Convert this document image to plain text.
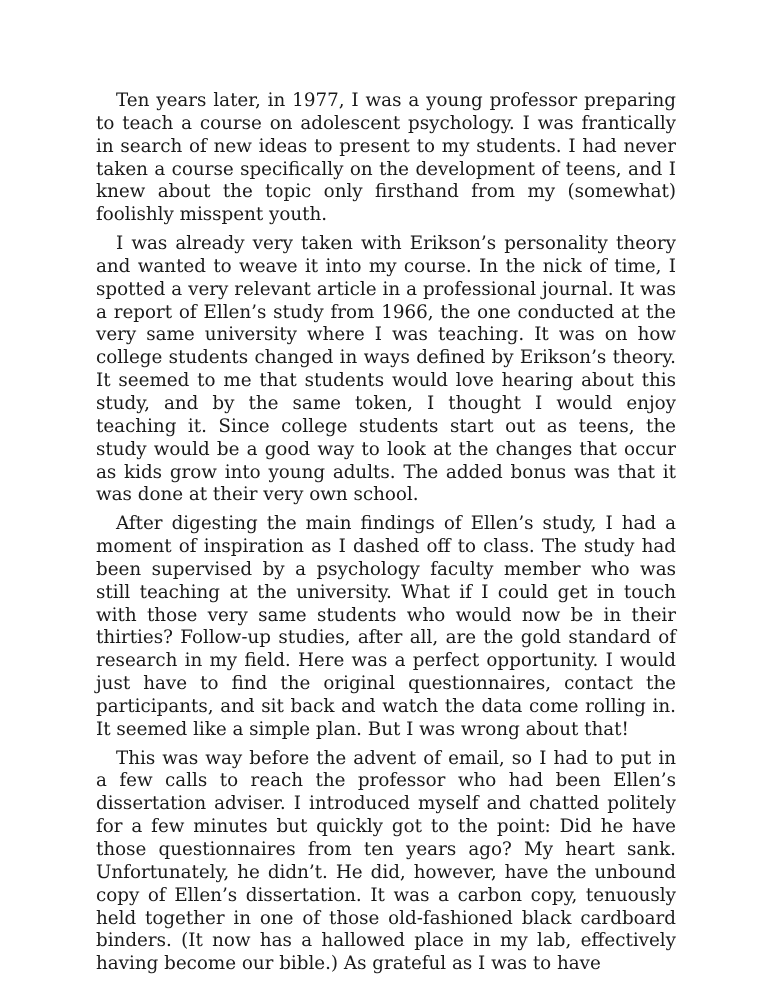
Ten years later, in 1977, I was a young professor preparing to teach a course on adolescent psychology. I was frantically in search of new ideas to present to my students. I had never taken a course specifically on the development of teens, and I knew about the topic only firsthand from my (somewhat) foolishly misspent youth.

I was already very taken with Erikson’s personality theory and wanted to weave it into my course. In the nick of time, I spotted a very relevant article in a professional journal. It was a report of Ellen’s study from 1966, the one conducted at the very same university where I was teaching. It was on how college students changed in ways defined by Erikson’s theory. It seemed to me that students would love hearing about this study, and by the same token, I thought I would enjoy teaching it. Since college students start out as teens, the study would be a good way to look at the changes that occur as kids grow into young adults. The added bonus was that it was done at their very own school.

After digesting the main findings of Ellen’s study, I had a moment of inspiration as I dashed off to class. The study had been supervised by a psychology faculty member who was still teaching at the university. What if I could get in touch with those very same students who would now be in their thirties? Follow-up studies, after all, are the gold standard of research in my field. Here was a perfect opportunity. I would just have to find the original questionnaires, contact the participants, and sit back and watch the data come rolling in. It seemed like a simple plan. But I was wrong about that!

This was way before the advent of email, so I had to put in a few calls to reach the professor who had been Ellen’s dissertation adviser. I introduced myself and chatted politely for a few minutes but quickly got to the point: Did he have those questionnaires from ten years ago? My heart sank. Unfortunately, he didn’t. He did, however, have the unbound copy of Ellen’s dissertation. It was a carbon copy, tenuously held together in one of those old-fashioned black cardboard binders. (It now has a hallowed place in my lab, effectively having become our bible.) As grateful as I was to have
